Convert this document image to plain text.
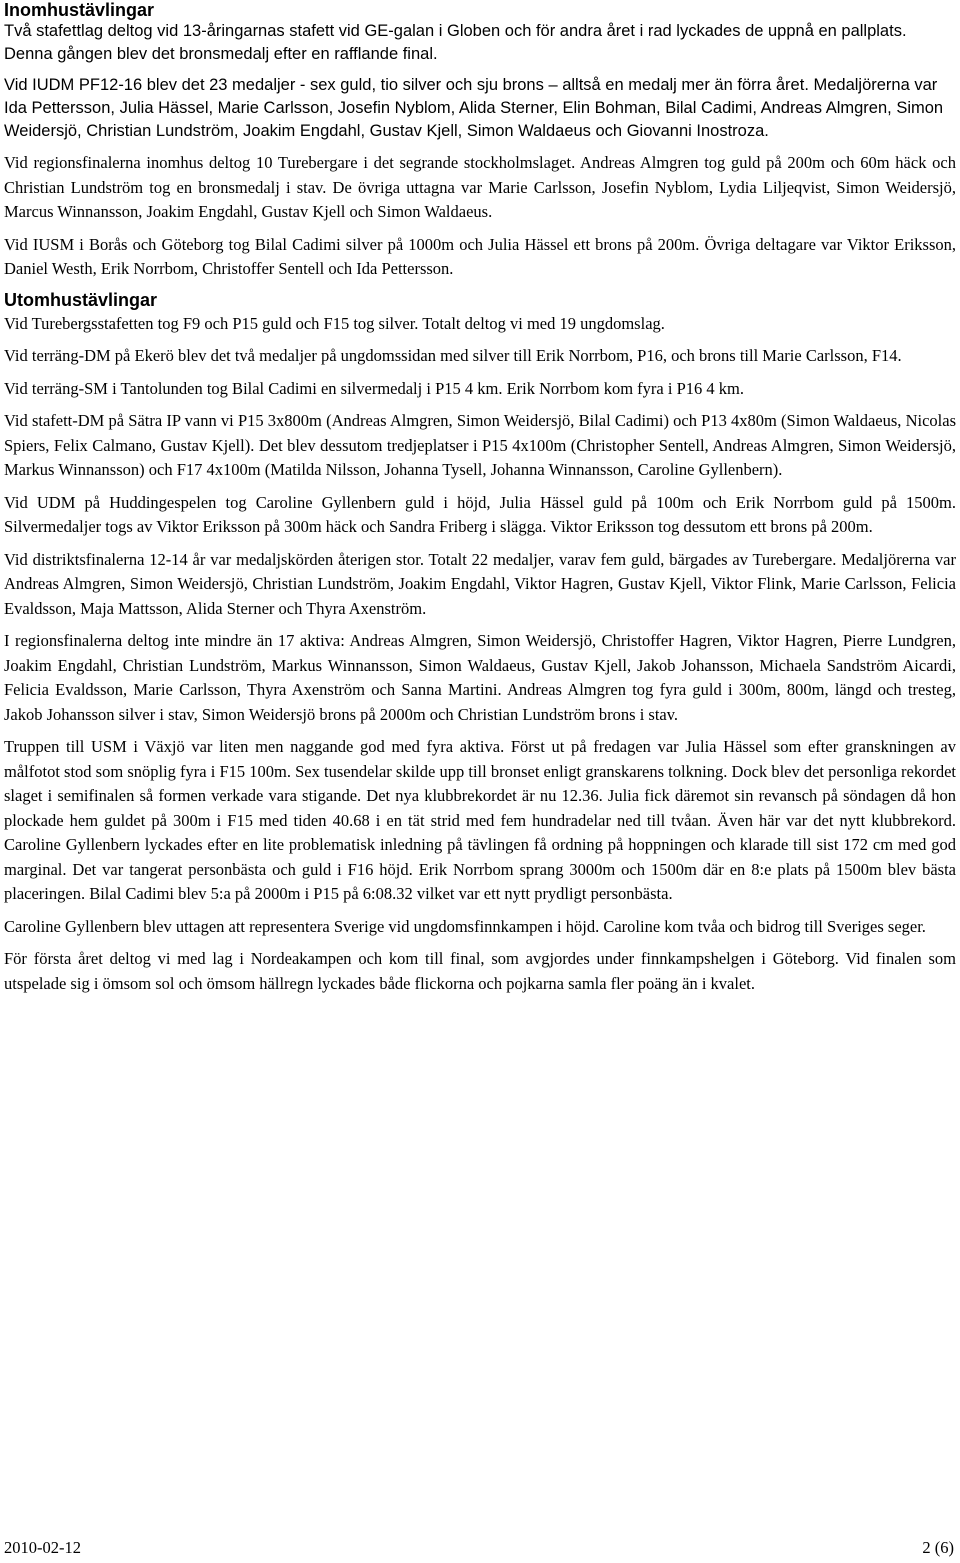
Inomhustävlingar

Två stafettlag deltog vid 13-åringarnas stafett vid GE-galan i Globen och för andra året i rad lyckades de uppnå en pallplats. Denna gången blev det bronsmedalj efter en rafflande final.

Vid IUDM PF12-16 blev det 23 medaljer - sex guld, tio silver och sju brons – alltså en medalj mer än förra året. Medaljörerna var Ida Pettersson, Julia Hässel, Marie Carlsson, Josefin Nyblom, Alida Sterner, Elin Bohman, Bilal Cadimi, Andreas Almgren, Simon Weidersjö, Christian Lundström, Joakim Engdahl, Gustav Kjell, Simon Waldaeus och Giovanni Inostroza.

Vid regionsfinalerna inomhus deltog 10 Turebergare i det segrande stockholmslaget. Andreas Almgren tog guld på 200m och 60m häck och Christian Lundström tog en bronsmedalj i stav. De övriga uttagna var Marie Carlsson, Josefin Nyblom, Lydia Liljeqvist, Simon Weidersjö, Marcus Winnansson, Joakim Engdahl, Gustav Kjell och Simon Waldaeus.

Vid IUSM i Borås och Göteborg tog Bilal Cadimi silver på 1000m och Julia Hässel ett brons på 200m. Övriga deltagare var Viktor Eriksson, Daniel Westh, Erik Norrbom, Christoffer Sentell och Ida Pettersson.

Utomhustävlingar

Vid Turebergsstafetten tog F9 och P15 guld och F15 tog silver. Totalt deltog vi med 19 ungdomslag.

Vid terräng-DM på Ekerö blev det två medaljer på ungdomssidan med silver till Erik Norrbom, P16, och brons till Marie Carlsson, F14.

Vid terräng-SM i Tantolunden tog Bilal Cadimi en silvermedalj i P15 4 km. Erik Norrbom kom fyra i P16 4 km.

Vid stafett-DM på Sätra IP vann vi P15 3x800m (Andreas Almgren, Simon Weidersjö, Bilal Cadimi) och P13 4x80m (Simon Waldaeus, Nicolas Spiers, Felix Calmano, Gustav Kjell). Det blev dessutom tredjeplatser i P15 4x100m (Christopher Sentell, Andreas Almgren, Simon Weidersjö, Markus Winnansson) och F17 4x100m (Matilda Nilsson, Johanna Tysell, Johanna Winnansson, Caroline Gyllenbern).

Vid UDM på Huddingespelen tog Caroline Gyllenbern guld i höjd, Julia Hässel guld på 100m och Erik Norrbom guld på 1500m. Silvermedaljer togs av Viktor Eriksson på 300m häck och Sandra Friberg i slägga. Viktor Eriksson tog dessutom ett brons på 200m.

Vid distriktsfinalerna 12-14 år var medaljskörden återigen stor. Totalt 22 medaljer, varav fem guld, bärgades av Turebergare. Medaljörerna var Andreas Almgren, Simon Weidersjö, Christian Lundström, Joakim Engdahl, Viktor Hagren, Gustav Kjell, Viktor Flink, Marie Carlsson, Felicia Evaldsson, Maja Mattsson, Alida Sterner och Thyra Axenström.

I regionsfinalerna deltog inte mindre än 17 aktiva: Andreas Almgren, Simon Weidersjö, Christoffer Hagren, Viktor Hagren, Pierre Lundgren, Joakim Engdahl, Christian Lundström, Markus Winnansson, Simon Waldaeus, Gustav Kjell, Jakob Johansson, Michaela Sandström Aicardi, Felicia Evaldsson, Marie Carlsson, Thyra Axenström och Sanna Martini. Andreas Almgren tog fyra guld i 300m, 800m, längd och tresteg, Jakob Johansson silver i stav, Simon Weidersjö brons på 2000m och Christian Lundström brons i stav.

Truppen till USM i Växjö var liten men naggande god med fyra aktiva. Först ut på fredagen var Julia Hässel som efter granskningen av målfotot stod som snöplig fyra i F15 100m. Sex tusendelar skilde upp till bronset enligt granskarens tolkning. Dock blev det personliga rekordet slaget i semifinalen så formen verkade vara stigande. Det nya klubbrekordet är nu 12.36. Julia fick däremot sin revansch på söndagen då hon plockade hem guldet på 300m i F15 med tiden 40.68 i en tät strid med fem hundradelar ned till tvåan. Även här var det nytt klubbrekord. Caroline Gyllenbern lyckades efter en lite problematisk inledning på tävlingen få ordning på hoppningen och klarade till sist 172 cm med god marginal. Det var tangerat personbästa och guld i F16 höjd. Erik Norrbom sprang 3000m och 1500m där en 8:e plats på 1500m blev bästa placeringen. Bilal Cadimi blev 5:a på 2000m i P15 på 6:08.32 vilket var ett nytt prydligt personbästa.

Caroline Gyllenbern blev uttagen att representera Sverige vid ungdomsfinnkampen i höjd. Caroline kom tvåa och bidrog till Sveriges seger.

För första året deltog vi med lag i Nordeakampen och kom till final, som avgjordes under finnkampshelgen i Göteborg. Vid finalen som utspelade sig i ömsom sol och ömsom hällregn lyckades både flickorna och pojkarna samla fler poäng än i kvalet.

2010-02-12	2 (6)
